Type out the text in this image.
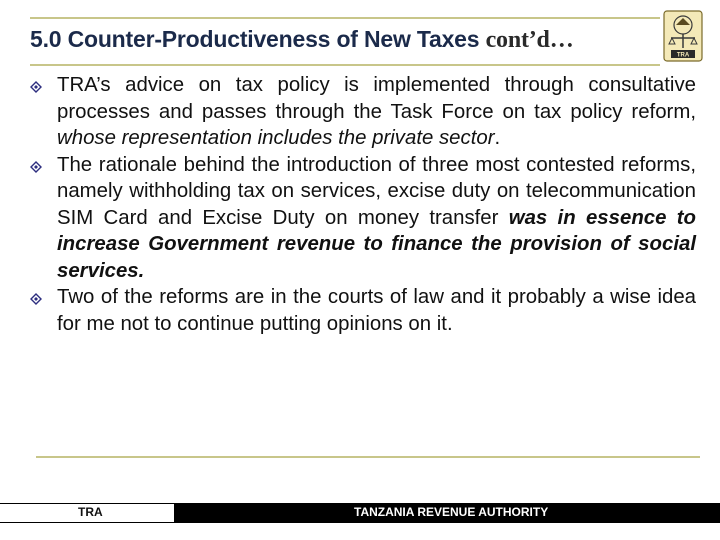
5.0 Counter-Productiveness of New Taxes cont’d…
TRA
TRA’s advice on tax policy is implemented through consultative processes and passes through the Task Force on tax policy reform, whose representation includes the private sector.
The rationale behind the introduction of three most contested reforms, namely withholding tax on services, excise duty on telecommunication SIM Card and Excise Duty on money transfer was in essence to increase Government revenue to finance the provision of social services.
Two of the reforms are in the courts of law and it probably a wise idea for me not to continue putting opinions on it.
TRA	TANZANIA REVENUE AUTHORITY
